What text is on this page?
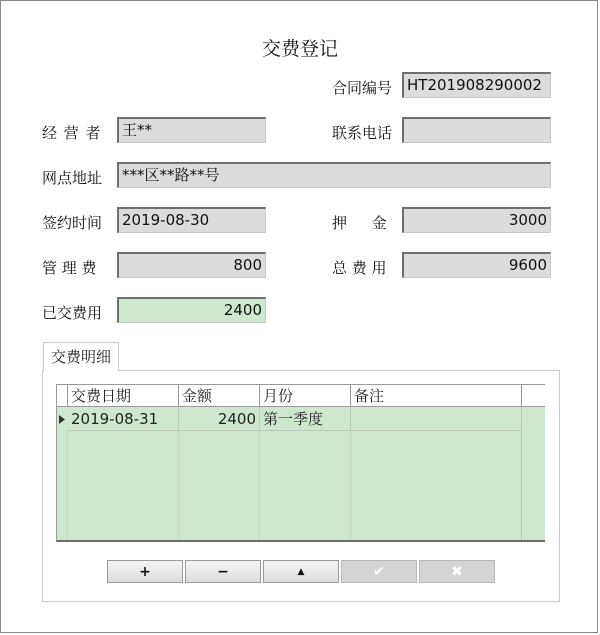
交费登记
合同编号 HT201908290002
经 营 者	王**	联系电话
网点地址	***区**路**号
签约时间	2019-08-30	押 金	3000
管 理 费	800	总 费 用	9600
已交费用	2400
交费明细
交费日期	金额	月份	备注
2019-08-31	2400 第一季度
+	−	▲	✔	✖
